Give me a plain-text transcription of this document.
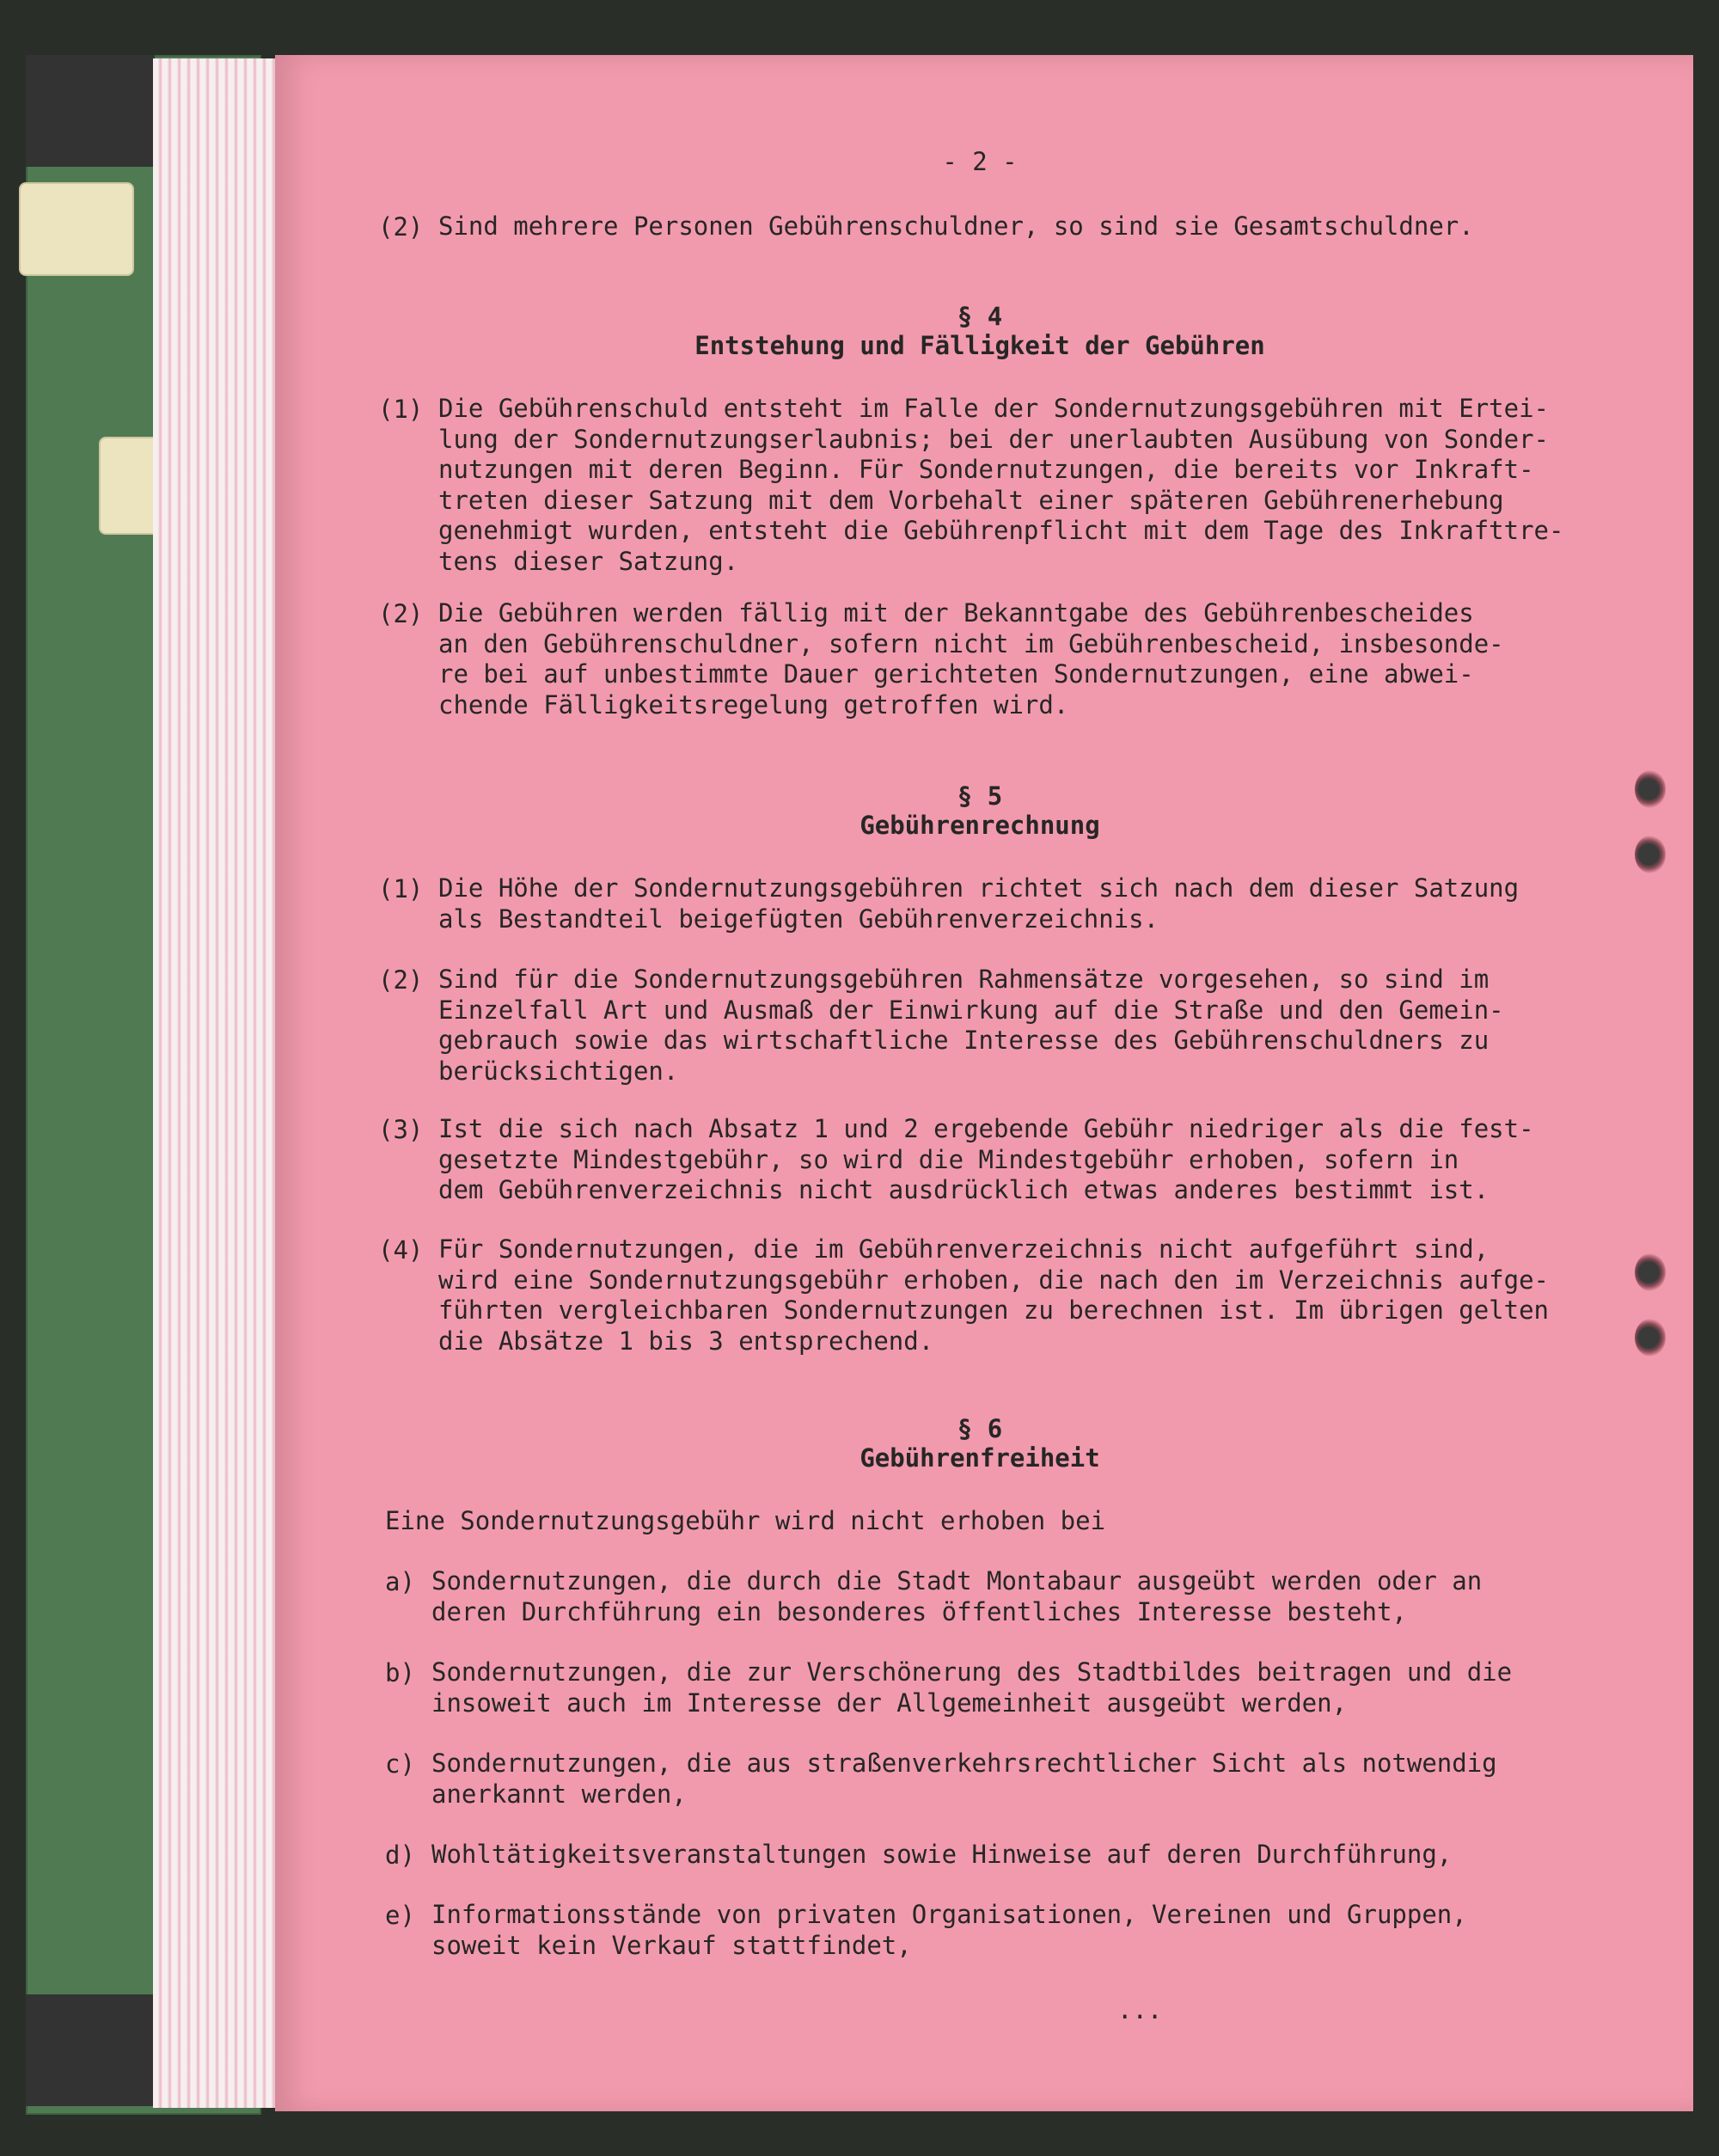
- 2 -
(2) Sind mehrere Personen Gebührenschuldner, so sind sie Gesamtschuldner.
§ 4
Entstehung und Fälligkeit der Gebühren
(1) Die Gebührenschuld entsteht im Falle der Sondernutzungsgebühren mit Ertei-
lung der Sondernutzungserlaubnis; bei der unerlaubten Ausübung von Sonder-
nutzungen mit deren Beginn. Für Sondernutzungen, die bereits vor Inkraft-
treten dieser Satzung mit dem Vorbehalt einer späteren Gebührenerhebung
genehmigt wurden, entsteht die Gebührenpflicht mit dem Tage des Inkrafttre-
tens dieser Satzung.
(2) Die Gebühren werden fällig mit der Bekanntgabe des Gebührenbescheides
an den Gebührenschuldner, sofern nicht im Gebührenbescheid, insbesonde-
re bei auf unbestimmte Dauer gerichteten Sondernutzungen, eine abwei-
chende Fälligkeitsregelung getroffen wird.
§ 5
Gebührenrechnung
(1) Die Höhe der Sondernutzungsgebühren richtet sich nach dem dieser Satzung
als Bestandteil beigefügten Gebührenverzeichnis.
(2) Sind für die Sondernutzungsgebühren Rahmensätze vorgesehen, so sind im
Einzelfall Art und Ausmaß der Einwirkung auf die Straße und den Gemein-
gebrauch sowie das wirtschaftliche Interesse des Gebührenschuldners zu
berücksichtigen.
(3) Ist die sich nach Absatz 1 und 2 ergebende Gebühr niedriger als die fest-
gesetzte Mindestgebühr, so wird die Mindestgebühr erhoben, sofern in
dem Gebührenverzeichnis nicht ausdrücklich etwas anderes bestimmt ist.
(4) Für Sondernutzungen, die im Gebührenverzeichnis nicht aufgeführt sind,
wird eine Sondernutzungsgebühr erhoben, die nach den im Verzeichnis aufge-
führten vergleichbaren Sondernutzungen zu berechnen ist. Im übrigen gelten
die Absätze 1 bis 3 entsprechend.
§ 6
Gebührenfreiheit
Eine Sondernutzungsgebühr wird nicht erhoben bei
a) Sondernutzungen, die durch die Stadt Montabaur ausgeübt werden oder an
deren Durchführung ein besonderes öffentliches Interesse besteht,
b) Sondernutzungen, die zur Verschönerung des Stadtbildes beitragen und die
insoweit auch im Interesse der Allgemeinheit ausgeübt werden,
c) Sondernutzungen, die aus straßenverkehrsrechtlicher Sicht als notwendig
anerkannt werden,
d) Wohltätigkeitsveranstaltungen sowie Hinweise auf deren Durchführung,
e) Informationsstände von privaten Organisationen, Vereinen und Gruppen,
soweit kein Verkauf stattfindet,
...
